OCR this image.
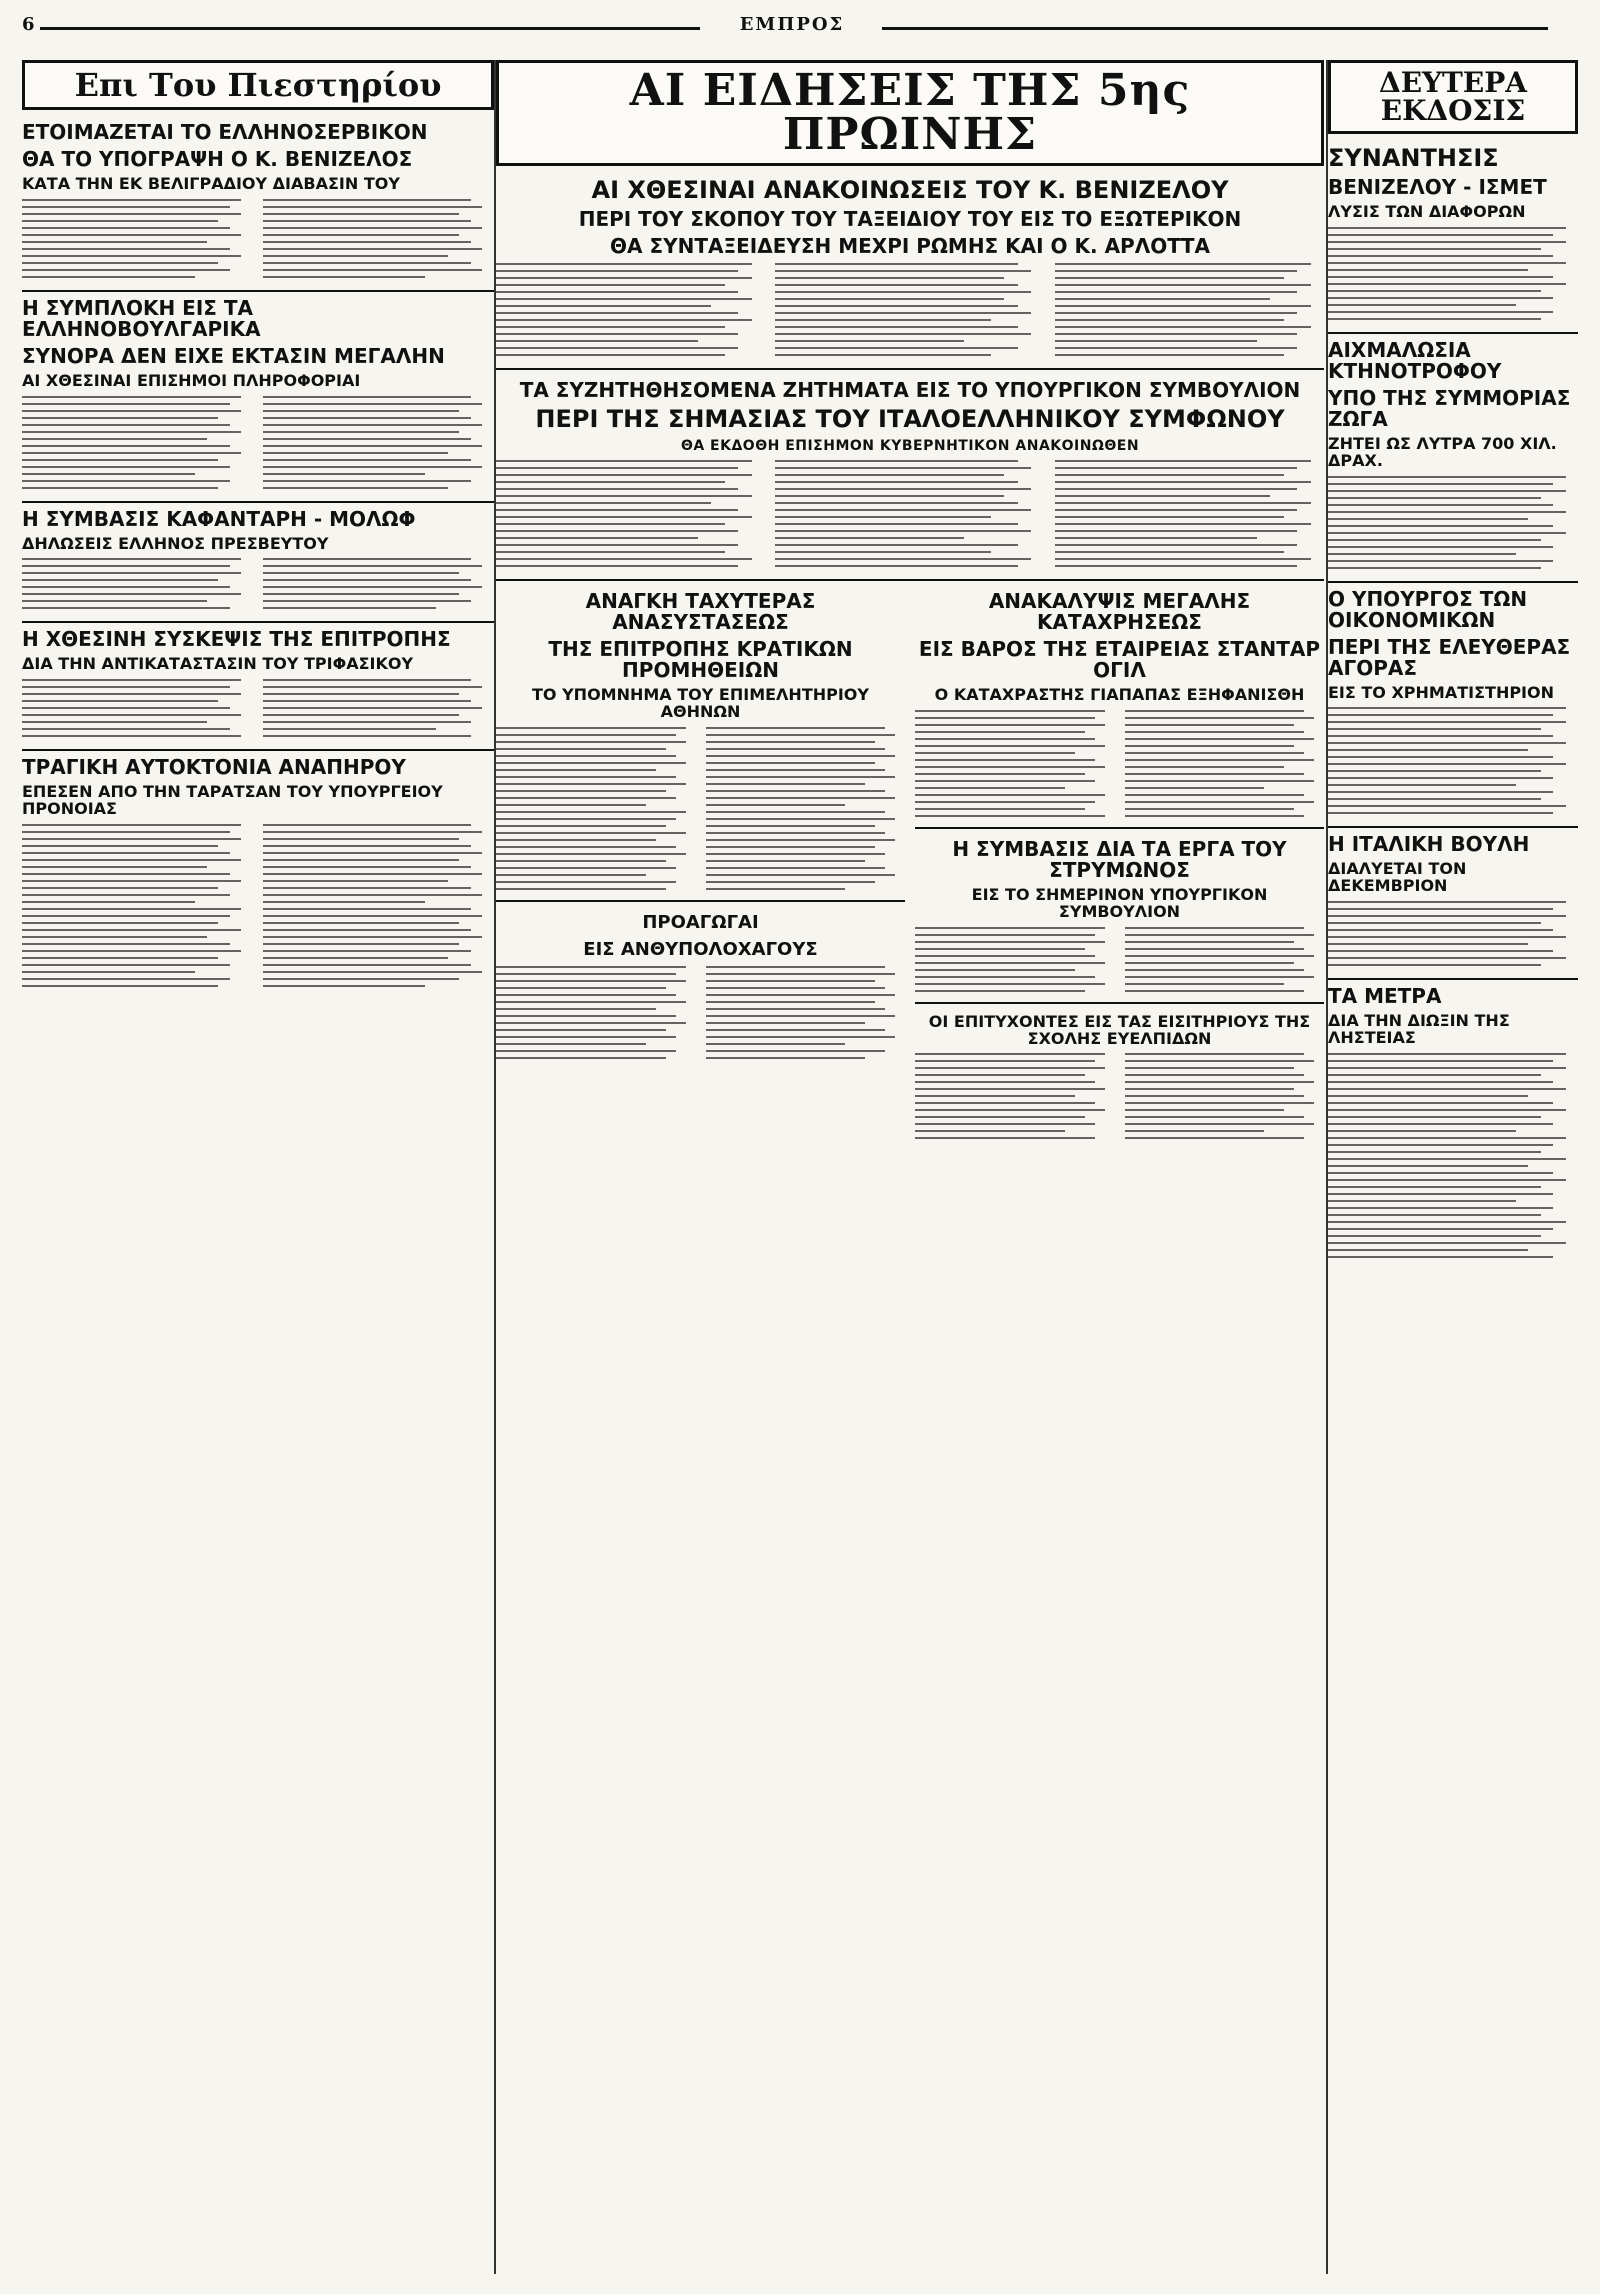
6	ΕΜΠΡΟΣ
Επι Του Πιεστηρίου
ΕΤΟΙΜΑΖΕΤΑΙ ΤΟ ΕΛΛΗΝΟΣΕΡΒΙΚΟΝ
ΘΑ ΤΟ ΥΠΟΓΡΑΨΗ Ο Κ. ΒΕΝΙΖΕΛΟΣ
ΚΑΤΑ ΤΗΝ ΕΚ ΒΕΛΙΓΡΑΔΙΟΥ ΔΙΑΒΑΣΙΝ ΤΟΥ
Η ΣΥΜΠΛΟΚΗ ΕΙΣ ΤΑ ΕΛΛΗΝΟΒΟΥΛΓΑΡΙΚΑ
ΣΥΝΟΡΑ ΔΕΝ ΕΙΧΕ ΕΚΤΑΣΙΝ ΜΕΓΑΛΗΝ
ΑΙ ΧΘΕΣΙΝΑΙ ΕΠΙΣΗΜΟΙ ΠΛΗΡΟΦΟΡΙΑΙ
Η ΣΥΜΒΑΣΙΣ ΚΑΦΑΝΤΑΡΗ - ΜΟΛΩΦ
ΔΗΛΩΣΕΙΣ ΕΛΛΗΝΟΣ ΠΡΕΣΒΕΥΤΟΥ
Η ΧΘΕΣΙΝΗ ΣΥΣΚΕΨΙΣ ΤΗΣ ΕΠΙΤΡΟΠΗΣ
ΔΙΑ ΤΗΝ ΑΝΤΙΚΑΤΑΣΤΑΣΙΝ ΤΟΥ ΤΡΙΦΑΣΙΚΟΥ
ΤΡΑΓΙΚΗ ΑΥΤΟΚΤΟΝΙΑ ΑΝΑΠΗΡΟΥ
ΕΠΕΣΕΝ ΑΠΟ ΤΗΝ ΤΑΡΑΤΣΑΝ ΤΟΥ ΥΠΟΥΡΓΕΙΟΥ ΠΡΟΝΟΙΑΣ
ΑΙ ΕΙΔΗΣΕΙΣ ΤΗΣ 5ης ΠΡΩΙΝΗΣ
ΑΙ ΧΘΕΣΙΝΑΙ ΑΝΑΚΟΙΝΩΣΕΙΣ ΤΟΥ Κ. ΒΕΝΙΖΕΛΟΥ
ΠΕΡΙ ΤΟΥ ΣΚΟΠΟΥ ΤΟΥ ΤΑΞΕΙΔΙΟΥ ΤΟΥ ΕΙΣ ΤΟ ΕΞΩΤΕΡΙΚΟΝ
ΘΑ ΣΥΝΤΑΞΕΙΔΕΥΣΗ ΜΕΧΡΙ ΡΩΜΗΣ ΚΑΙ Ο Κ. ΑΡΛΟΤΤΑ
ΤΑ ΣΥΖΗΤΗΘΗΣΟΜΕΝΑ ΖΗΤΗΜΑΤΑ ΕΙΣ ΤΟ ΥΠΟΥΡΓΙΚΟΝ ΣΥΜΒΟΥΛΙΟΝ
ΠΕΡΙ ΤΗΣ ΣΗΜΑΣΙΑΣ ΤΟΥ ΙΤΑΛΟΕΛΛΗΝΙΚΟΥ ΣΥΜΦΩΝΟΥ
ΘΑ ΕΚΔΟΘΗ ΕΠΙΣΗΜΟΝ ΚΥΒΕΡΝΗΤΙΚΟΝ ΑΝΑΚΟΙΝΩΘΕΝ
ΑΝΑΓΚΗ ΤΑΧΥΤΕΡΑΣ ΑΝΑΣΥΣΤΑΣΕΩΣ
ΤΗΣ ΕΠΙΤΡΟΠΗΣ ΚΡΑΤΙΚΩΝ ΠΡΟΜΗΘΕΙΩΝ
ΤΟ ΥΠΟΜΝΗΜΑ ΤΟΥ ΕΠΙΜΕΛΗΤΗΡΙΟΥ ΑΘΗΝΩΝ
ΠΡΟΑΓΩΓΑΙ
ΕΙΣ ΑΝΘΥΠΟΛΟΧΑΓΟΥΣ
ΑΝΑΚΑΛΥΨΙΣ ΜΕΓΑΛΗΣ ΚΑΤΑΧΡΗΣΕΩΣ
ΕΙΣ ΒΑΡΟΣ ΤΗΣ ΕΤΑΙΡΕΙΑΣ ΣΤΑΝΤΑΡ ΟΓΙΛ
Ο ΚΑΤΑΧΡΑΣΤΗΣ ΓΙΑΠΑΠΑΣ ΕΞΗΦΑΝΙΣΘΗ
Η ΣΥΜΒΑΣΙΣ ΔΙΑ ΤΑ ΕΡΓΑ ΤΟΥ ΣΤΡΥΜΩΝΟΣ
ΕΙΣ ΤΟ ΣΗΜΕΡΙΝΟΝ ΥΠΟΥΡΓΙΚΟΝ ΣΥΜΒΟΥΛΙΟΝ
ΟΙ ΕΠΙΤΥΧΟΝΤΕΣ ΕΙΣ ΤΑΣ ΕΙΣΙΤΗΡΙΟΥΣ ΤΗΣ ΣΧΟΛΗΣ ΕΥΕΛΠΙΔΩΝ
ΔΕΥΤΕΡΑ ΕΚΔΟΣΙΣ
ΣΥΝΑΝΤΗΣΙΣ
ΒΕΝΙΖΕΛΟΥ - ΙΣΜΕΤ
ΛΥΣΙΣ ΤΩΝ ΔΙΑΦΟΡΩΝ
ΑΙΧΜΑΛΩΣΙΑ ΚΤΗΝΟΤΡΟΦΟΥ
ΥΠΟ ΤΗΣ ΣΥΜΜΟΡΙΑΣ ΖΩΓΑ
ΖΗΤΕΙ ΩΣ ΛΥΤΡΑ 700 ΧΙΛ. ΔΡΑΧ.
Ο ΥΠΟΥΡΓΟΣ ΤΩΝ ΟΙΚΟΝΟΜΙΚΩΝ
ΠΕΡΙ ΤΗΣ ΕΛΕΥΘΕΡΑΣ ΑΓΟΡΑΣ
ΕΙΣ ΤΟ ΧΡΗΜΑΤΙΣΤΗΡΙΟΝ
Η ΙΤΑΛΙΚΗ ΒΟΥΛΗ
ΔΙΑΛΥΕΤΑΙ ΤΟΝ ΔΕΚΕΜΒΡΙΟΝ
ΤΑ ΜΕΤΡΑ
ΔΙΑ ΤΗΝ ΔΙΩΞΙΝ ΤΗΣ ΛΗΣΤΕΙΑΣ
